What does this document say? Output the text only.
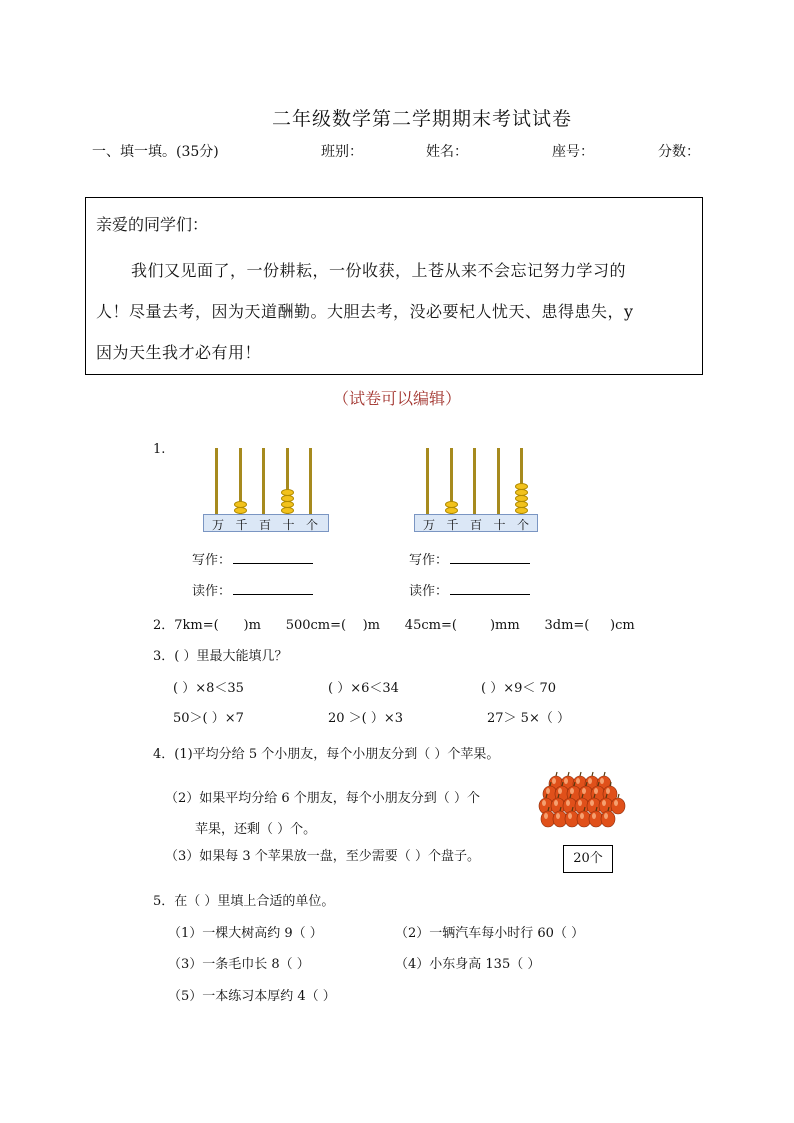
二年级数学第二学期期末考试试卷
一、填一填。(35分)	班别：	姓名：	座号：	分数：
亲爱的同学们：
我们又见面了，一份耕耘，一份收获，上苍从来不会忘记努力学习的
人！尽量去考，因为天道酬勤。大胆去考，没必要杞人忧天、患得患失，y
因为天生我才必有用！
（试卷可以编辑）
1.
万 千 百 十 个	万 千 百 十 个
写作：
读作：
写作：
读作：
2．7km=(      )m      500cm=(    )m      45cm=(        )mm      3dm=(     )cm
3．( ）里最大能填几？
( ）×8＜35	( ）×6＜34	( ）×9＜ 70
50＞( ）×7	20 ＞( ）×3	27＞ 5×（ ）
4．(1)平均分给 5 个小朋友，每个小朋友分到（ ）个苹果。
（2）如果平均分给 6 个朋友，每个小朋友分到（ ）个
苹果，还剩（ ）个。
（3）如果每 3 个苹果放一盘，至少需要（ ）个盘子。	20个
5．在（ ）里填上合适的单位。
（1）一棵大树高约 9（ ）	（2）一辆汽车每小时行 60（ ）
（3）一条毛巾长 8（ ）	（4）小东身高 135（ ）
（5）一本练习本厚约 4（ ）
